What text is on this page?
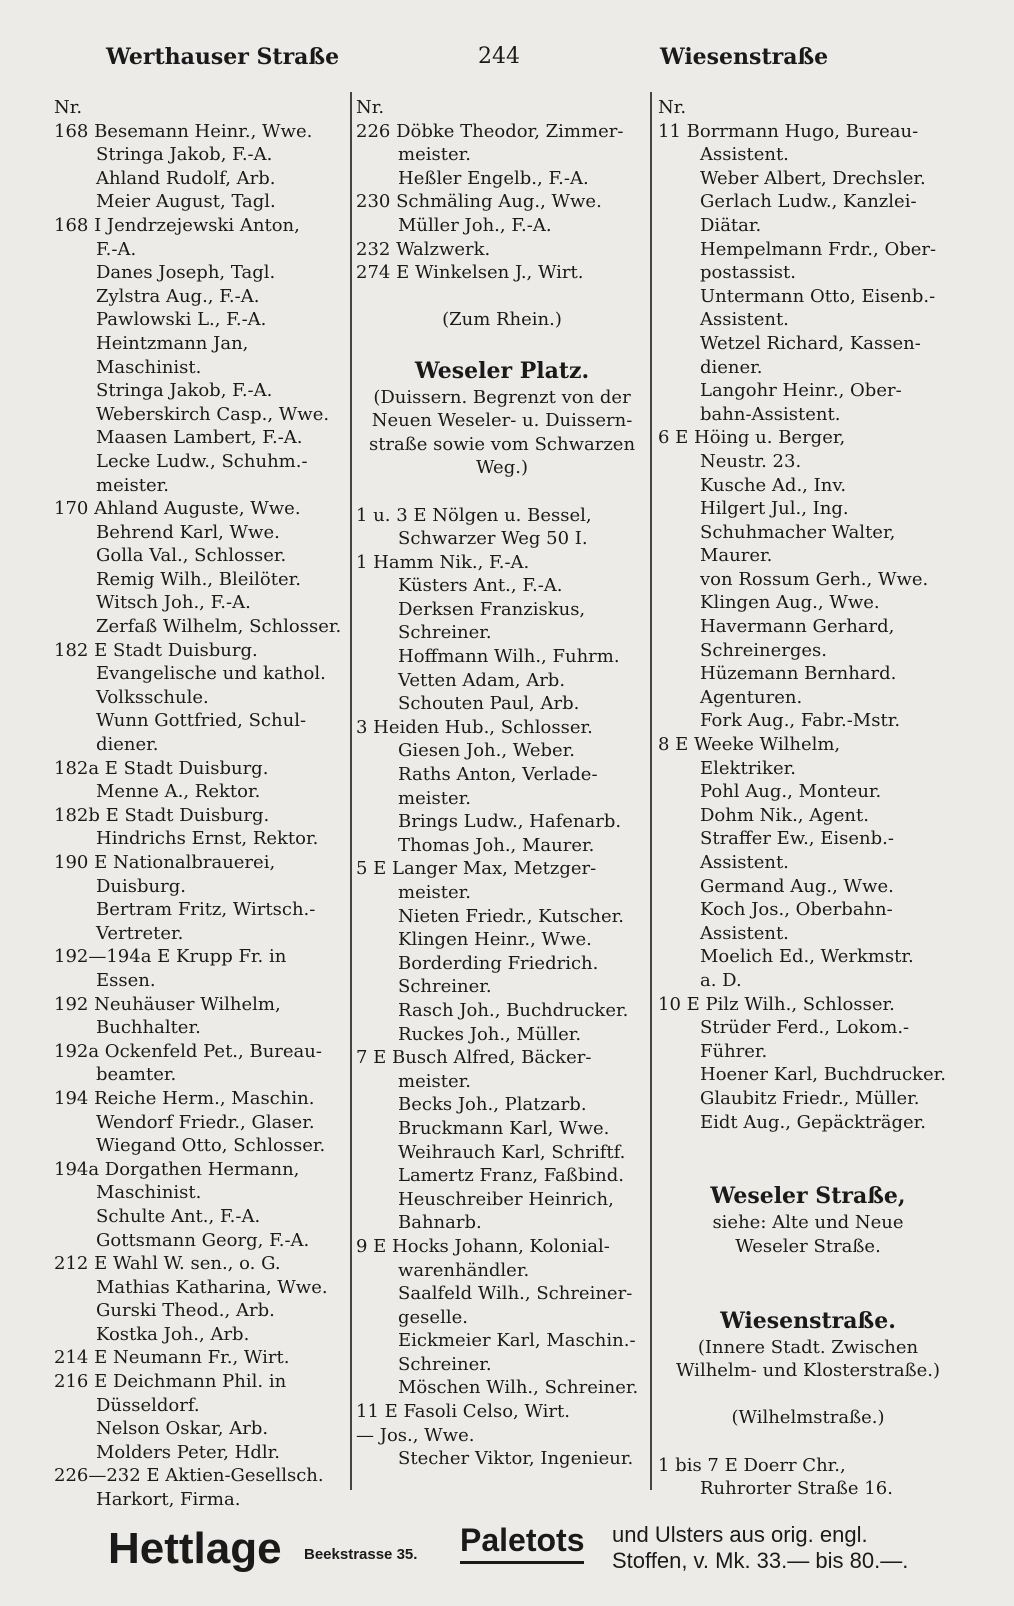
Werthauser Straße	244	Wiesenstraße
Nr.
168 Besemann Heinr., Wwe.
Stringa Jakob, F.-A.
Ahland Rudolf, Arb.
Meier August, Tagl.
168 I Jendrzejewski Anton,
F.-A.
Danes Joseph, Tagl.
Zylstra Aug., F.-A.
Pawlowski L., F.-A.
Heintzmann Jan,
Maschinist.
Stringa Jakob, F.-A.
Weberskirch Casp., Wwe.
Maasen Lambert, F.-A.
Lecke Ludw., Schuhm.-
meister.
170 Ahland Auguste, Wwe.
Behrend Karl, Wwe.
Golla Val., Schlosser.
Remig Wilh., Bleilöter.
Witsch Joh., F.-A.
Zerfaß Wilhelm, Schlosser.
182 E Stadt Duisburg.
Evangelische und kathol.
Volksschule.
Wunn Gottfried, Schul-
diener.
182a E Stadt Duisburg.
Menne A., Rektor.
182b E Stadt Duisburg.
Hindrichs Ernst, Rektor.
190 E Nationalbrauerei,
Duisburg.
Bertram Fritz, Wirtsch.-
Vertreter.
192—194a E Krupp Fr. in
Essen.
192 Neuhäuser Wilhelm,
Buchhalter.
192a Ockenfeld Pet., Bureau-
beamter.
194 Reiche Herm., Maschin.
Wendorf Friedr., Glaser.
Wiegand Otto, Schlosser.
194a Dorgathen Hermann,
Maschinist.
Schulte Ant., F.-A.
Gottsmann Georg, F.-A.
212 E Wahl W. sen., o. G.
Mathias Katharina, Wwe.
Gurski Theod., Arb.
Kostka Joh., Arb.
214 E Neumann Fr., Wirt.
216 E Deichmann Phil. in
Düsseldorf.
Nelson Oskar, Arb.
Molders Peter, Hdlr.
226—232 E Aktien-Gesellsch.
Harkort, Firma.
Nr.
226 Döbke Theodor, Zimmer-
meister.
Heßler Engelb., F.-A.
230 Schmäling Aug., Wwe.
Müller Joh., F.-A.
232 Walzwerk.
274 E Winkelsen J., Wirt.
(Zum Rhein.)
Weseler Platz.
(Duissern. Begrenzt von der
Neuen Weseler- u. Duissern-
straße sowie vom Schwarzen
Weg.)
1 u. 3 E Nölgen u. Bessel,
Schwarzer Weg 50 I.
1 Hamm Nik., F.-A.
Küsters Ant., F.-A.
Derksen Franziskus,
Schreiner.
Hoffmann Wilh., Fuhrm.
Vetten Adam, Arb.
Schouten Paul, Arb.
3 Heiden Hub., Schlosser.
Giesen Joh., Weber.
Raths Anton, Verlade-
meister.
Brings Ludw., Hafenarb.
Thomas Joh., Maurer.
5 E Langer Max, Metzger-
meister.
Nieten Friedr., Kutscher.
Klingen Heinr., Wwe.
Borderding Friedrich.
Schreiner.
Rasch Joh., Buchdrucker.
Ruckes Joh., Müller.
7 E Busch Alfred, Bäcker-
meister.
Becks Joh., Platzarb.
Bruckmann Karl, Wwe.
Weihrauch Karl, Schriftf.
Lamertz Franz, Faßbind.
Heuschreiber Heinrich,
Bahnarb.
9 E Hocks Johann, Kolonial-
warenhändler.
Saalfeld Wilh., Schreiner-
geselle.
Eickmeier Karl, Maschin.-
Schreiner.
Möschen Wilh., Schreiner.
11 E Fasoli Celso, Wirt.
— Jos., Wwe.
Stecher Viktor, Ingenieur.
Nr.
11 Borrmann Hugo, Bureau-
Assistent.
Weber Albert, Drechsler.
Gerlach Ludw., Kanzlei-
Diätar.
Hempelmann Frdr., Ober-
postassist.
Untermann Otto, Eisenb.-
Assistent.
Wetzel Richard, Kassen-
diener.
Langohr Heinr., Ober-
bahn-Assistent.
6 E Höing u. Berger,
Neustr. 23.
Kusche Ad., Inv.
Hilgert Jul., Ing.
Schuhmacher Walter,
Maurer.
von Rossum Gerh., Wwe.
Klingen Aug., Wwe.
Havermann Gerhard,
Schreinerges.
Hüzemann Bernhard.
Agenturen.
Fork Aug., Fabr.-Mstr.
8 E Weeke Wilhelm,
Elektriker.
Pohl Aug., Monteur.
Dohm Nik., Agent.
Straffer Ew., Eisenb.-
Assistent.
Germand Aug., Wwe.
Koch Jos., Oberbahn-
Assistent.
Moelich Ed., Werkmstr.
a. D.
10 E Pilz Wilh., Schlosser.
Strüder Ferd., Lokom.-
Führer.
Hoener Karl, Buchdrucker.
Glaubitz Friedr., Müller.
Eidt Aug., Gepäckträger.
Weseler Straße,
siehe: Alte und Neue
Weseler Straße.
Wiesenstraße.
(Innere Stadt. Zwischen
Wilhelm- und Klosterstraße.)
(Wilhelmstraße.)
1 bis 7 E Doerr Chr.,
Ruhrorter Straße 16.
Hettlage Beekstrasse 35. Paletots und Ulsters aus orig. engl.
Stoffen, v. Mk. 33.— bis 80.—.
